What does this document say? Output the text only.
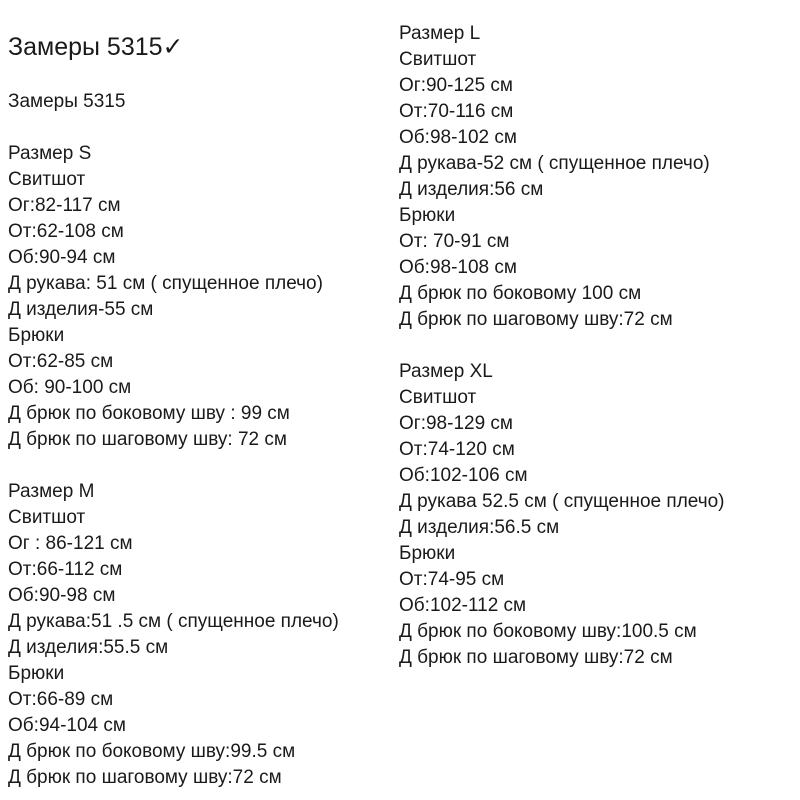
Замеры 5315✓
Замеры 5315
Размер S
Свитшот
Ог:82-117 см
От:62-108 см
Об:90-94 см
Д рукава: 51 см ( спущенное плечо)
Д изделия-55 см
Брюки
От:62-85 см
Об: 90-100 см
Д брюк по боковому шву : 99 см
Д брюк по шаговому шву: 72 см
Размер M
Свитшот
Ог : 86-121 см
От:66-112 см
Об:90-98 см
Д рукава:51 .5 см ( спущенное плечо)
Д изделия:55.5 см
Брюки
От:66-89 см
Об:94-104 см
Д брюк по боковому шву:99.5 см
Д брюк по шаговому шву:72 см
Размер L
Свитшот
Ог:90-125 см
От:70-116 см
Об:98-102 см
Д рукава-52 см ( спущенное плечо)
Д изделия:56 см
Брюки
От: 70-91 см
Об:98-108 см
Д брюк по боковому 100 см
Д брюк по шаговому шву:72 см
Размер XL
Свитшот
Ог:98-129 см
От:74-120 см
Об:102-106 см
Д рукава 52.5 см ( спущенное плечо)
Д изделия:56.5 см
Брюки
От:74-95 см
Об:102-112 см
Д брюк по боковому шву:100.5 см
Д брюк по шаговому шву:72 см
